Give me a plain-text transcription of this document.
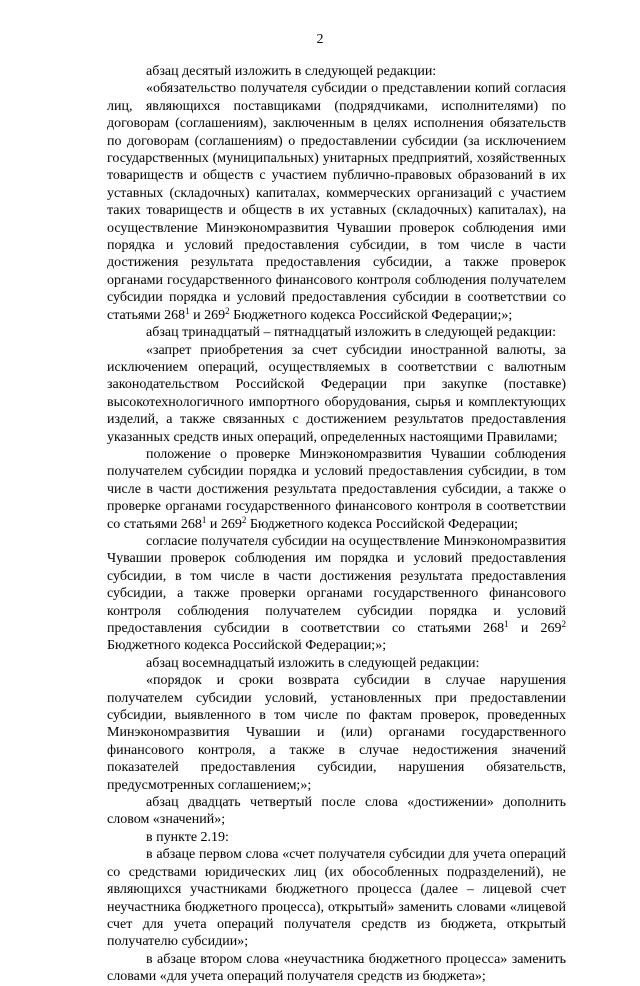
2

абзац десятый изложить в следующей редакции:

«обязательство получателя субсидии о представлении копий согласия лиц, являющихся поставщиками (подрядчиками, исполнителями) по договорам (соглашениям), заключенным в целях исполнения обязательств по договорам (соглашениям) о предоставлении субсидии (за исключением государственных (муниципальных) унитарных предприятий, хозяйственных товариществ и обществ с участием публично-правовых образований в их уставных (складочных) капиталах, коммерческих организаций с участием таких товариществ и обществ в их уставных (складочных) капиталах), на осуществление Минэкономразвития Чувашии проверок соблюдения ими порядка и условий предоставления субсидии, в том числе в части достижения результата предоставления субсидии, а также проверок органами государственного финансового контроля соблюдения получателем субсидии порядка и условий предоставления субсидии в соответствии со статьями $268^1$ и $269^2$ Бюджетного кодекса Российской Федерации;»;

абзац тринадцатый – пятнадцатый изложить в следующей редакции:

«запрет приобретения за счет субсидии иностранной валюты, за исключением операций, осуществляемых в соответствии с валютным законодательством Российской Федерации при закупке (поставке) высокотехнологичного импортного оборудования, сырья и комплектующих изделий, а также связанных с достижением результатов предоставления указанных средств иных операций, определенных настоящими Правилами;

положение о проверке Минэкономразвития Чувашии соблюдения получателем субсидии порядка и условий предоставления субсидии, в том числе в части достижения результата предоставления субсидии, а также о проверке органами государственного финансового контроля в соответствии со статьями $268^1$ и $269^2$ Бюджетного кодекса Российской Федерации;

согласие получателя субсидии на осуществление Минэкономразвития Чувашии проверок соблюдения им порядка и условий предоставления субсидии, в том числе в части достижения результата предоставления субсидии, а также проверки органами государственного финансового контроля соблюдения получателем субсидии порядка и условий предоставления субсидии в соответствии со статьями $268^1$ и $269^2$ Бюджетного кодекса Российской Федерации;»;

абзац восемнадцатый изложить в следующей редакции:

«порядок и сроки возврата субсидии в случае нарушения получателем субсидии условий, установленных при предоставлении субсидии, выявленного в том числе по фактам проверок, проведенных Минэкономразвития Чувашии и (или) органами государственного финансового контроля, а также в случае недостижения значений показателей предоставления субсидии, нарушения обязательств, предусмотренных соглашением;»;

абзац двадцать четвертый после слова «достижении» дополнить словом «значений»;

в пункте 2.19:

в абзаце первом слова «счет получателя субсидии для учета операций со средствами юридических лиц (их обособленных подразделений), не являющихся участниками бюджетного процесса (далее – лицевой счет неучастника бюджетного процесса), открытый» заменить словами «лицевой счет для учета операций получателя средств из бюджета, открытый получателю субсидии»;

в абзаце втором слова «неучастника бюджетного процесса» заменить словами «для учета операций получателя средств из бюджета»;
